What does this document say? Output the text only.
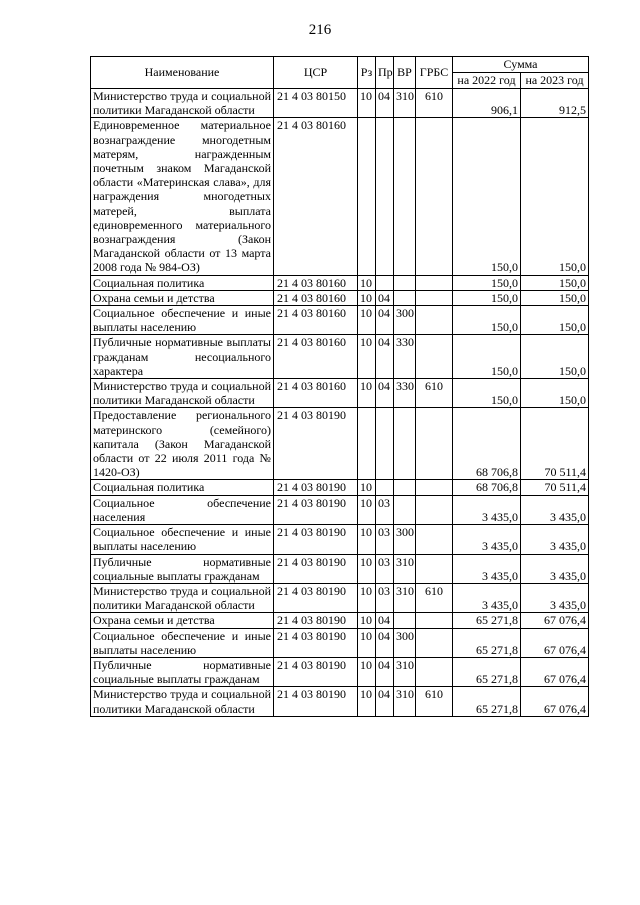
216
Наименование	ЦСР	Рз	Пр	ВР	ГРБС	Сумма	
						на 2022 год	на 2023 год
Министерство труда и социальной политики Магаданской области	21 4 03 80150	10	04	310	610	906,1	912,5
Единовременное материальное вознаграждение многодетным матерям, награжденным почетным знаком Магаданской области «Материнская слава», для награждения многодетных матерей, выплата единовременного материального вознаграждения (Закон Магаданской области от 13 марта 2008 года № 984-ОЗ)	21 4 03 80160					150,0	150,0
Социальная политика	21 4 03 80160	10				150,0	150,0
Охрана семьи и детства	21 4 03 80160	10	04			150,0	150,0
Социальное обеспечение и иные выплаты населению	21 4 03 80160	10	04	300		150,0	150,0
Публичные нормативные выплаты гражданам несоциального характера	21 4 03 80160	10	04	330		150,0	150,0
Министерство труда и социальной политики Магаданской области	21 4 03 80160	10	04	330	610	150,0	150,0
Предоставление регионального материнского (семейного) капитала (Закон Магаданской области от 22 июля 2011 года № 1420-ОЗ)	21 4 03 80190					68 706,8	70 511,4
Социальная политика	21 4 03 80190	10				68 706,8	70 511,4
Социальное обеспечение населения	21 4 03 80190	10	03			3 435,0	3 435,0
Социальное обеспечение и иные выплаты населению	21 4 03 80190	10	03	300		3 435,0	3 435,0
Публичные нормативные социальные выплаты гражданам	21 4 03 80190	10	03	310		3 435,0	3 435,0
Министерство труда и социальной политики Магаданской области	21 4 03 80190	10	03	310	610	3 435,0	3 435,0
Охрана семьи и детства	21 4 03 80190	10	04			65 271,8	67 076,4
Социальное обеспечение и иные выплаты населению	21 4 03 80190	10	04	300		65 271,8	67 076,4
Публичные нормативные социальные выплаты гражданам	21 4 03 80190	10	04	310		65 271,8	67 076,4
Министерство труда и социальной политики Магаданской области	21 4 03 80190	10	04	310	610	65 271,8	67 076,4
